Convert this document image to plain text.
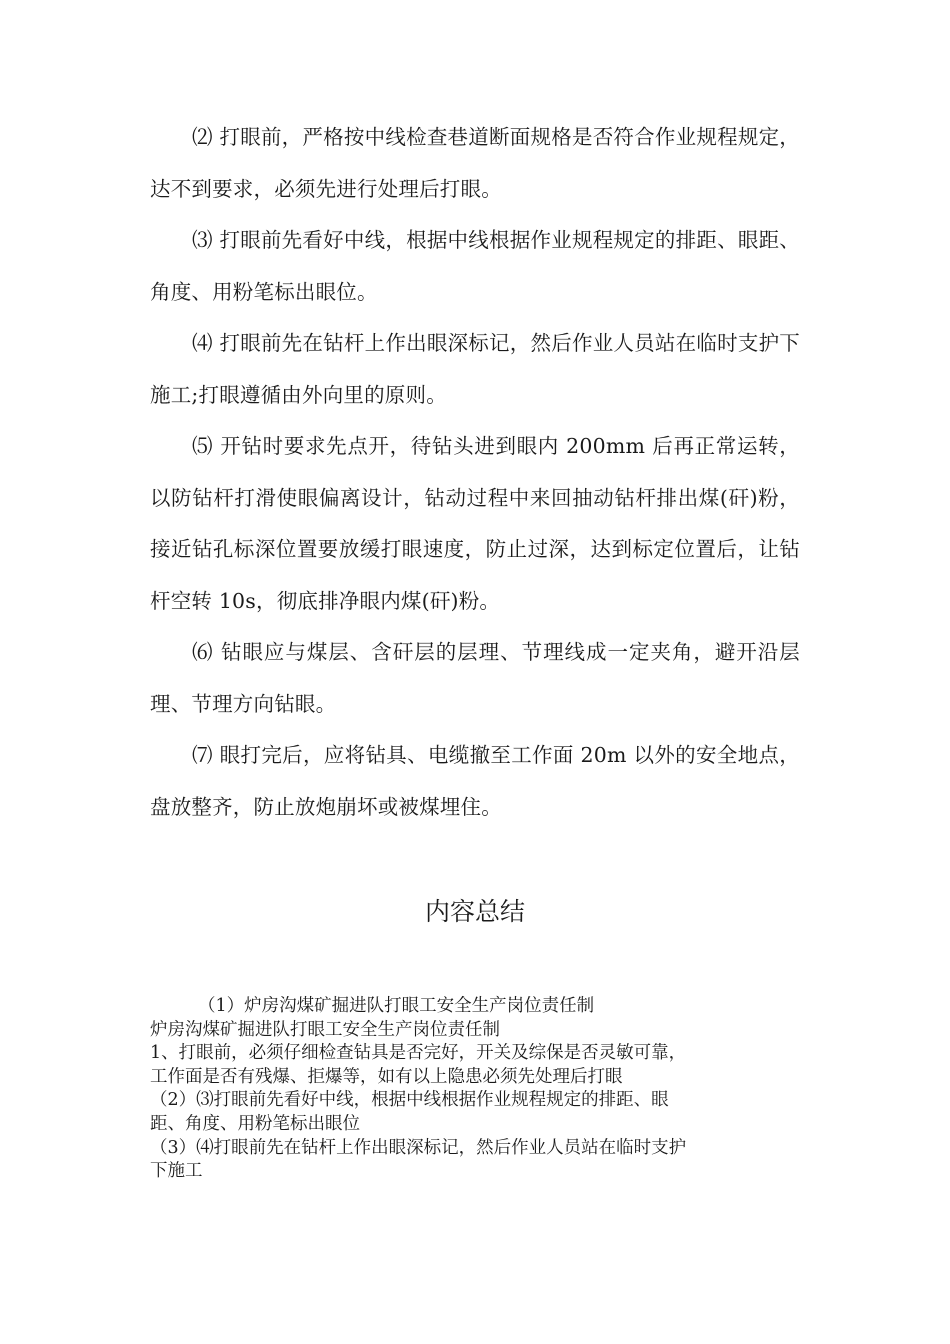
⑵ 打眼前，严格按中线检查巷道断面规格是否符合作业规程规定，达不到要求，必须先进行处理后打眼。

⑶ 打眼前先看好中线，根据中线根据作业规程规定的排距、眼距、角度、用粉笔标出眼位。

⑷ 打眼前先在钻杆上作出眼深标记，然后作业人员站在临时支护下施工;打眼遵循由外向里的原则。

⑸ 开钻时要求先点开，待钻头进到眼内 200mm 后再正常运转，以防钻杆打滑使眼偏离设计，钻动过程中来回抽动钻杆排出煤(矸)粉，接近钻孔标深位置要放缓打眼速度，防止过深，达到标定位置后，让钻杆空转 10s，彻底排净眼内煤(矸)粉。

⑹ 钻眼应与煤层、含矸层的层理、节理线成一定夹角，避开沿层理、节理方向钻眼。

⑺ 眼打完后，应将钻具、电缆撤至工作面 20m 以外的安全地点，盘放整齐，防止放炮崩坏或被煤埋住。

内容总结

（1）炉房沟煤矿掘进队打眼工安全生产岗位责任制

炉房沟煤矿掘进队打眼工安全生产岗位责任制

1、打眼前，必须仔细检查钻具是否完好，开关及综保是否灵敏可靠，

工作面是否有残爆、拒爆等，如有以上隐患必须先处理后打眼

（2）⑶打眼前先看好中线，根据中线根据作业规程规定的排距、眼

距、角度、用粉笔标出眼位

（3）⑷打眼前先在钻杆上作出眼深标记，然后作业人员站在临时支护

下施工
